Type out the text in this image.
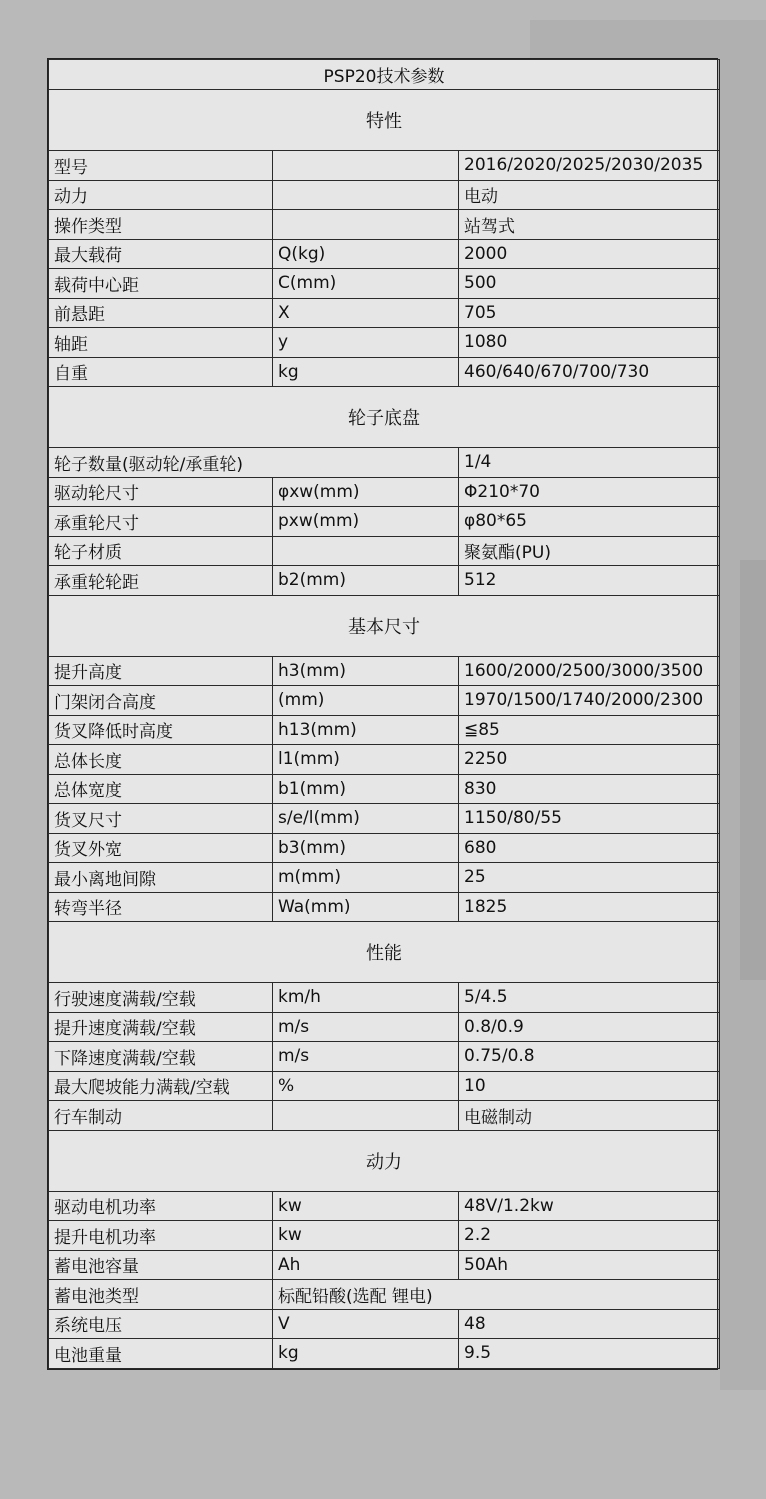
PSP20技术参数		
特性		
型号		2016/2020/2025/2030/2035
动力		电动
操作类型		站驾式
最大载荷	Q(kg)	2000
载荷中心距	C(mm)	500
前悬距	X	705
轴距	y	1080
自重	kg	460/640/670/700/730
轮子底盘		
轮子数量(驱动轮/承重轮)		1/4
驱动轮尺寸	φxw(mm)	Φ210*70
承重轮尺寸	pxw(mm)	φ80*65
轮子材质		聚氨酯(PU)
承重轮轮距	b2(mm)	512
基本尺寸		
提升高度	h3(mm)	1600/2000/2500/3000/3500
门架闭合高度	(mm)	1970/1500/1740/2000/2300
货叉降低时高度	h13(mm)	≦85
总体长度	l1(mm)	2250
总体宽度	b1(mm)	830
货叉尺寸	s/e/l(mm)	1150/80/55
货叉外宽	b3(mm)	680
最小离地间隙	m(mm)	25
转弯半径	Wa(mm)	1825
性能		
行驶速度满载/空载	km/h	5/4.5
提升速度满载/空载	m/s	0.8/0.9
下降速度满载/空载	m/s	0.75/0.8
最大爬坡能力满载/空载	%	10
行车制动		电磁制动
动力		
驱动电机功率	kw	48V/1.2kw
提升电机功率	kw	2.2
蓄电池容量	Ah	50Ah
蓄电池类型	标配铅酸(选配 锂电)	
系统电压	V	48
电池重量	kg	9.5
